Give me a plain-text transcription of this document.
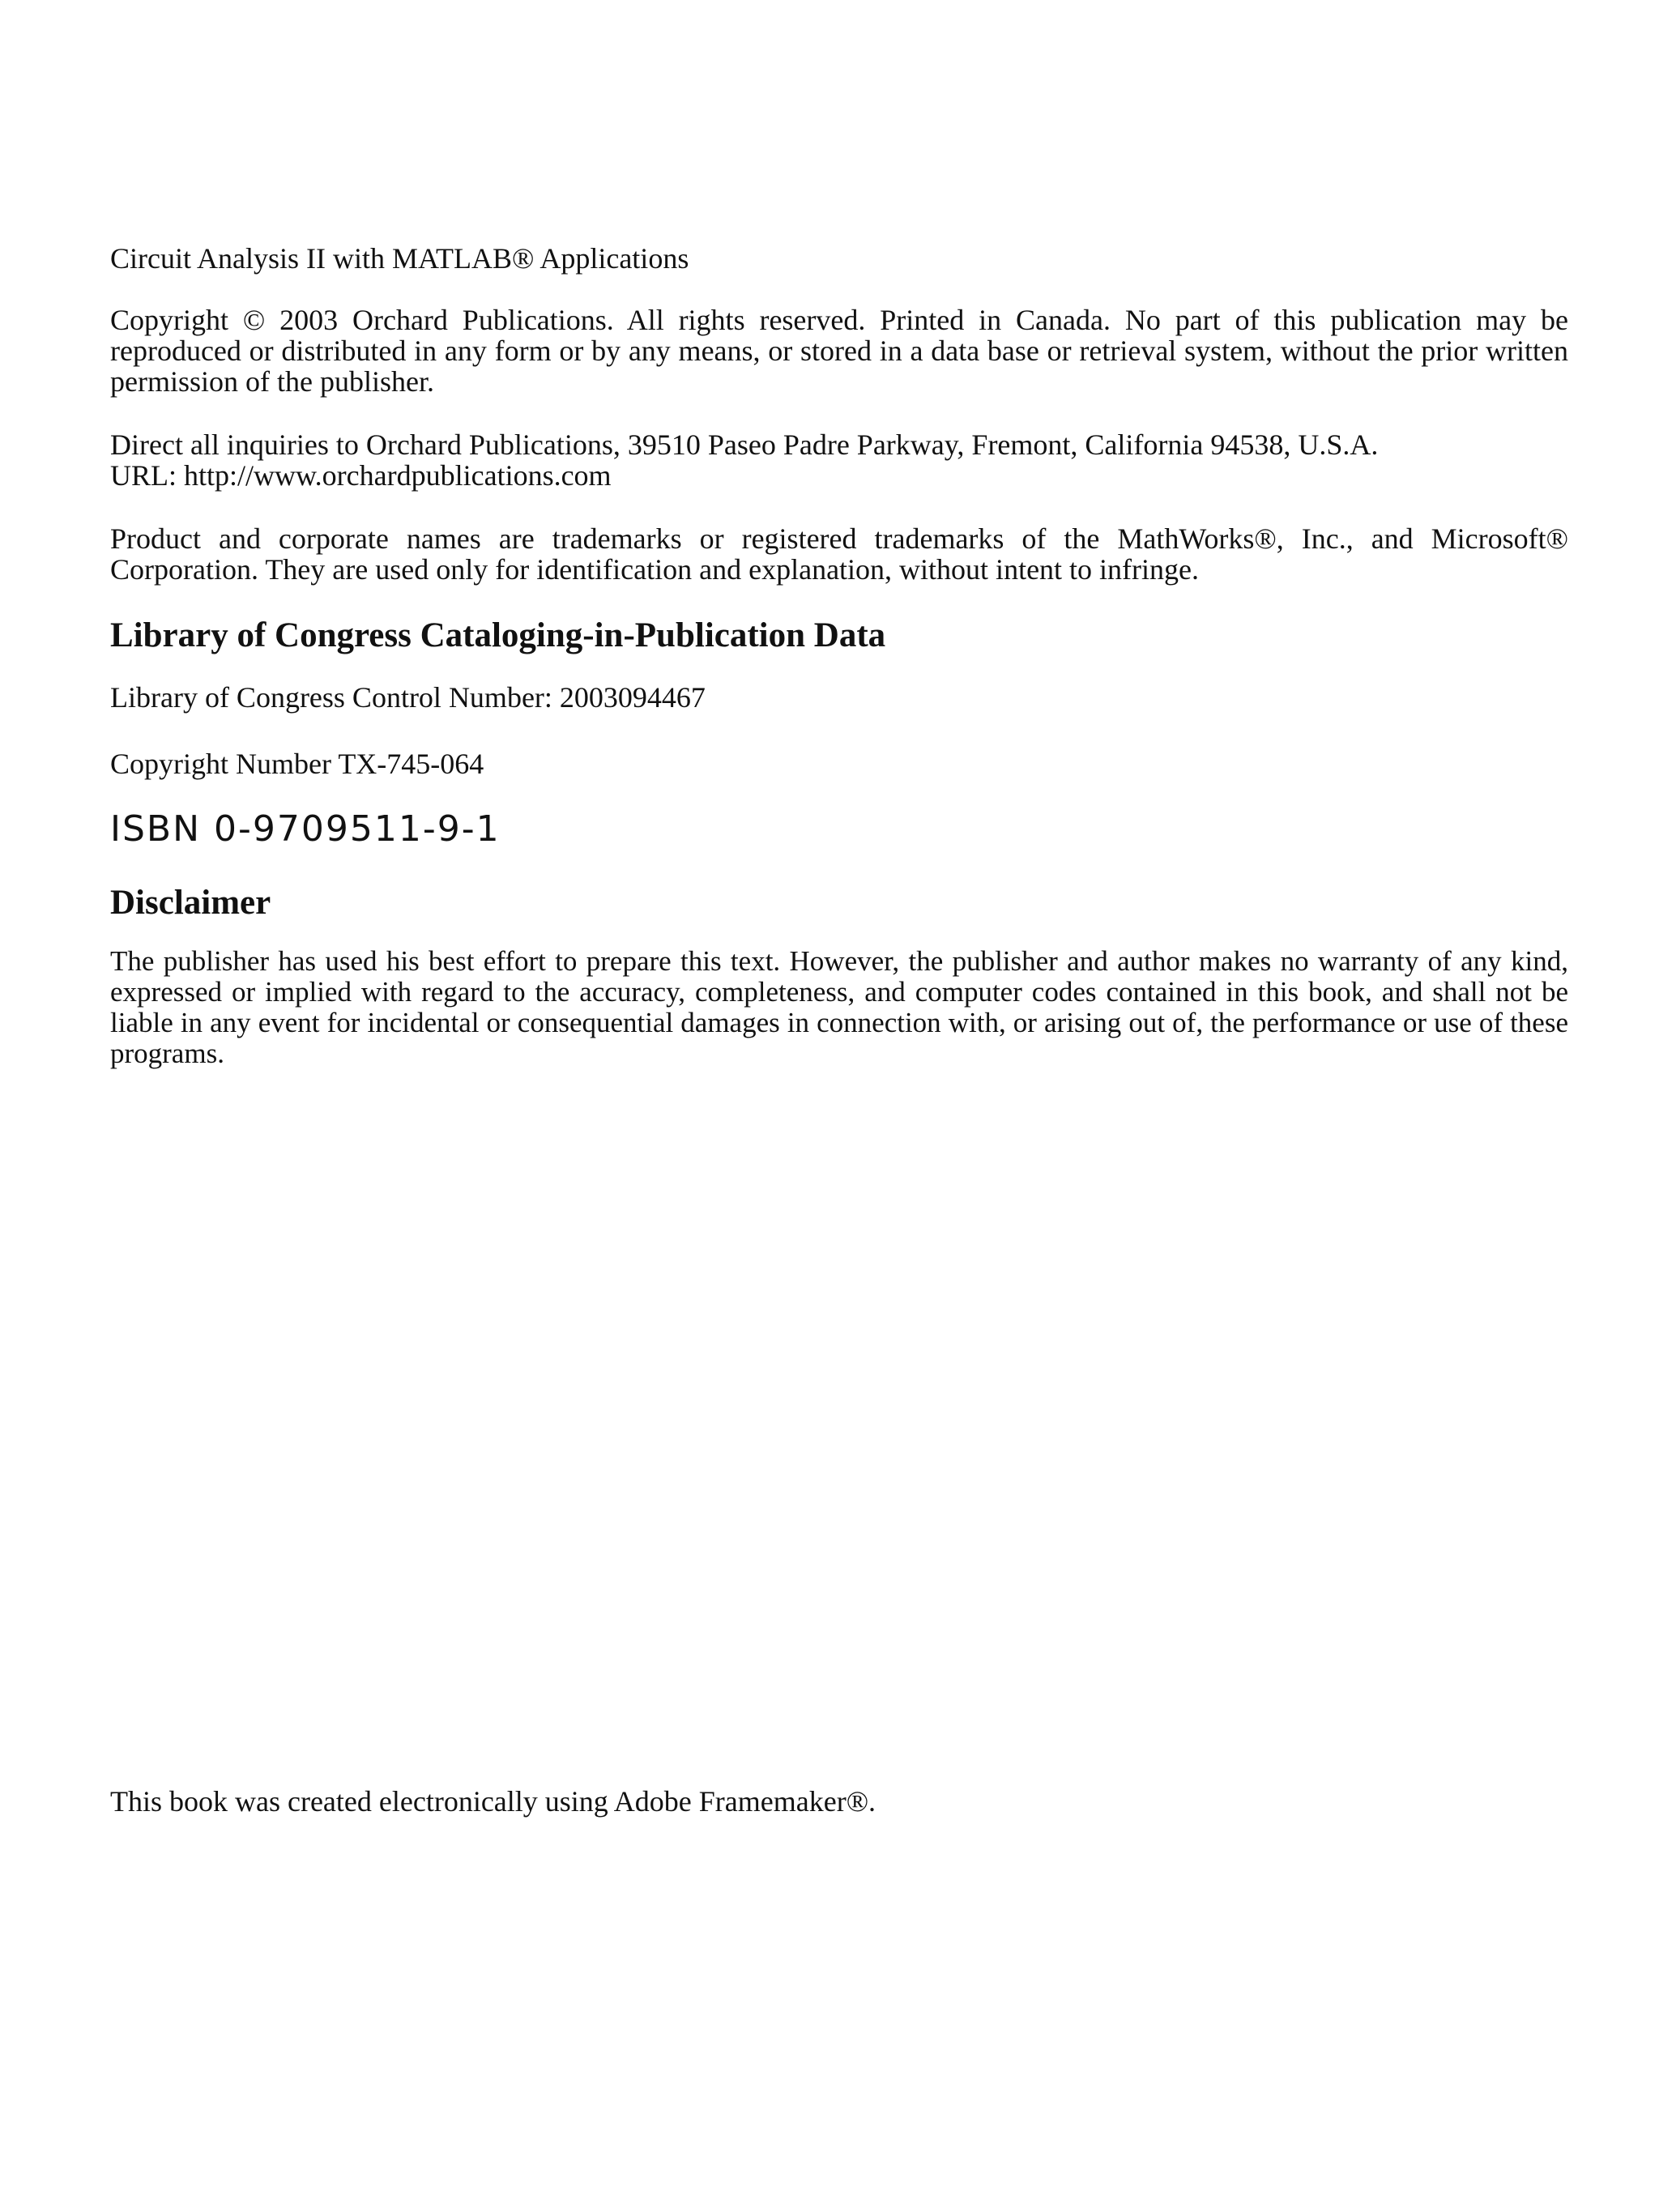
Circuit Analysis II with MATLAB® Applications

Copyright © 2003 Orchard Publications. All rights reserved. Printed in Canada. No part of this publication may be reproduced or distributed in any form or by any means, or stored in a data base or retrieval system, without the prior written permission of the publisher.

Direct all inquiries to Orchard Publications, 39510 Paseo Padre Parkway, Fremont, California 94538, U.S.A.

URL: http://www.orchardpublications.com

Product and corporate names are trademarks or registered trademarks of the MathWorks®, Inc., and Microsoft® Corporation. They are used only for identification and explanation, without intent to infringe.

Library of Congress Cataloging-in-Publication Data

Library of Congress Control Number: 2003094467

Copyright Number TX-745-064

ISBN 0-9709511-9-1

Disclaimer

The publisher has used his best effort to prepare this text. However, the publisher and author makes no warranty of any kind, expressed or implied with regard to the accuracy, completeness, and computer codes contained in this book, and shall not be liable in any event for incidental or consequential damages in connection with, or arising out of, the performance or use of these programs.

This book was created electronically using Adobe Framemaker®.
